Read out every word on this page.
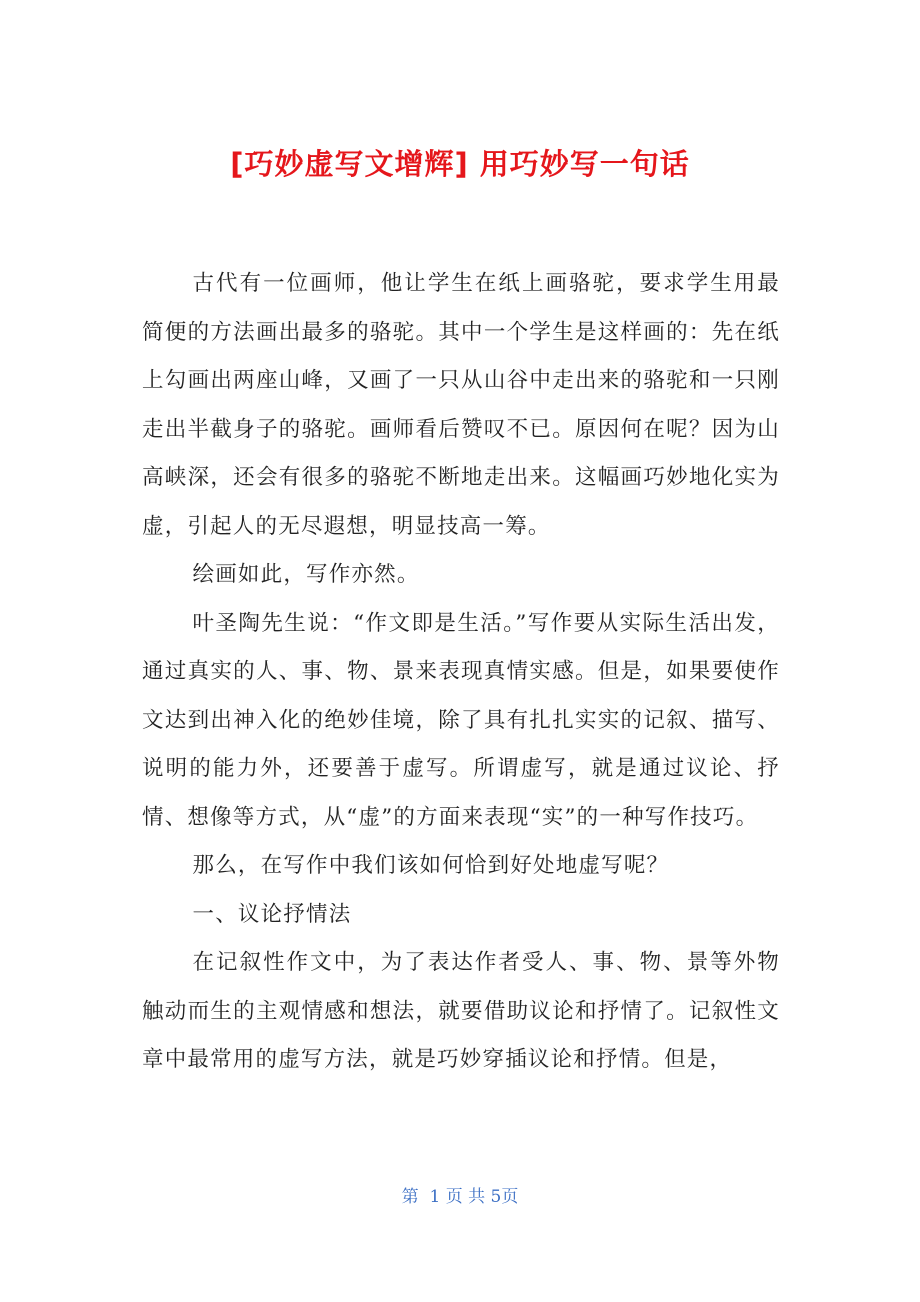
[巧妙虚写文增辉] 用巧妙写一句话

古代有一位画师，他让学生在纸上画骆驼，要求学生用最简便的方法画出最多的骆驼。其中一个学生是这样画的：先在纸上勾画出两座山峰，又画了一只从山谷中走出来的骆驼和一只刚走出半截身子的骆驼。画师看后赞叹不已。原因何在呢？因为山高峡深，还会有很多的骆驼不断地走出来。这幅画巧妙地化实为虚，引起人的无尽遐想，明显技高一筹。

绘画如此，写作亦然。

叶圣陶先生说：“作文即是生活。”写作要从实际生活出发，通过真实的人、事、物、景来表现真情实感。但是，如果要使作文达到出神入化的绝妙佳境，除了具有扎扎实实的记叙、描写、说明的能力外，还要善于虚写。所谓虚写，就是通过议论、抒情、想像等方式，从“虚”的方面来表现“实”的一种写作技巧。

那么，在写作中我们该如何恰到好处地虚写呢？

一、议论抒情法

在记叙性作文中，为了表达作者受人、事、物、景等外物触动而生的主观情感和想法，就要借助议论和抒情了。记叙性文章中最常用的虚写方法，就是巧妙穿插议论和抒情。但是，

第  1 页 共 5页
